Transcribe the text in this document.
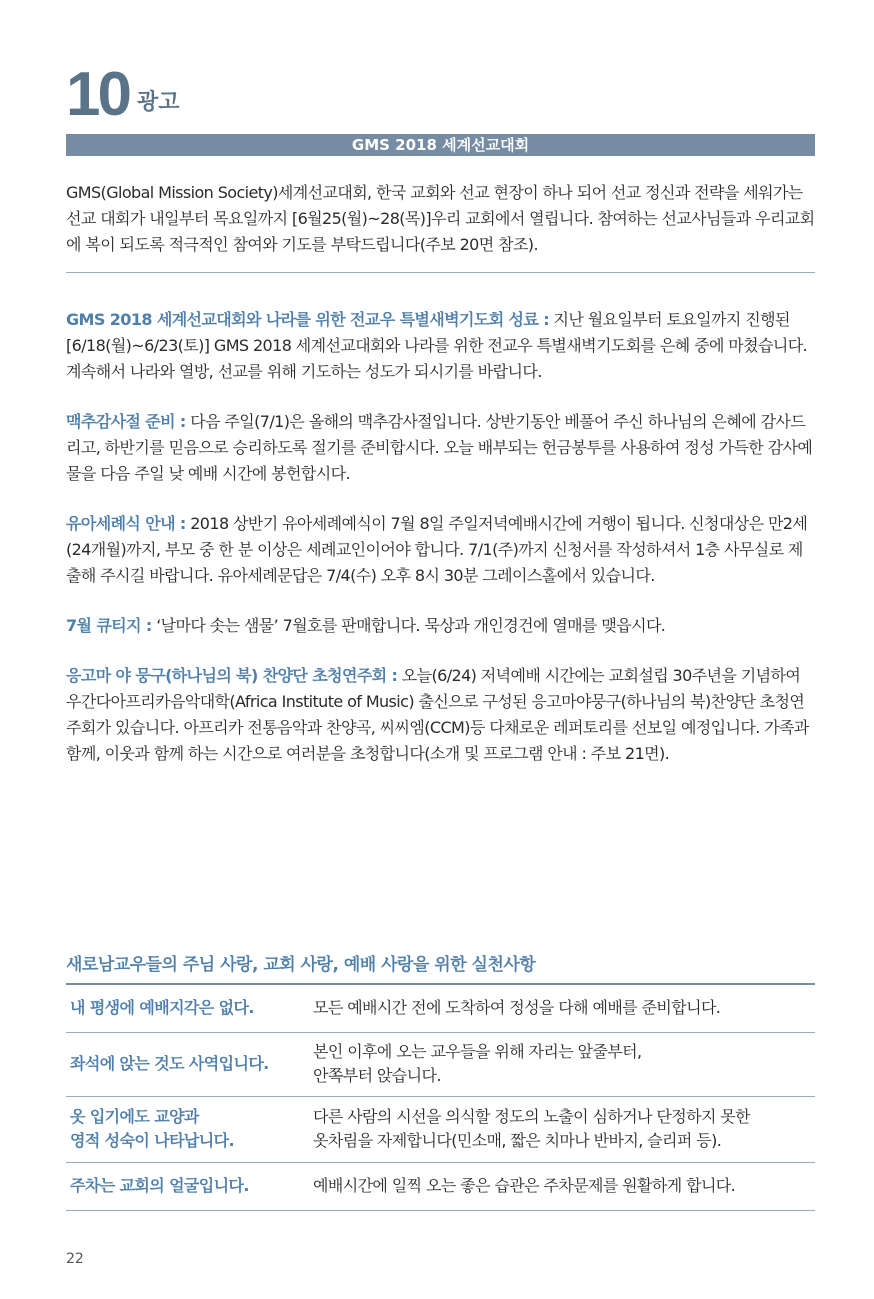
10 광고
GMS 2018 세계선교대회

GMS(Global Mission Society)세계선교대회, 한국 교회와 선교 현장이 하나 되어 선교 정신과 전략을 세워가는 선교 대회가 내일부터 목요일까지 [6월25(월)~28(목)]우리 교회에서 열립니다. 참여하는 선교사님들과 우리교회에 복이 되도록 적극적인 참여와 기도를 부탁드립니다(주보 20면 참조).

GMS 2018 세계선교대회와 나라를 위한 전교우 특별새벽기도회 성료 : 지난 월요일부터 토요일까지 진행된 [6/18(월)~6/23(토)] GMS 2018 세계선교대회와 나라를 위한 전교우 특별새벽기도회를 은혜 중에 마쳤습니다. 계속해서 나라와 열방, 선교를 위해 기도하는 성도가 되시기를 바랍니다.

맥추감사절 준비 : 다음 주일(7/1)은 올해의 맥추감사절입니다. 상반기동안 베풀어 주신 하나님의 은혜에 감사드리고, 하반기를 믿음으로 승리하도록 절기를 준비합시다. 오늘 배부되는 헌금봉투를 사용하여 정성 가득한 감사예물을 다음 주일 낮 예배 시간에 봉헌합시다.

유아세례식 안내 : 2018 상반기 유아세례예식이 7월 8일 주일저녁예배시간에 거행이 됩니다. 신청대상은 만2세(24개월)까지, 부모 중 한 분 이상은 세례교인이어야 합니다. 7/1(주)까지 신청서를 작성하셔서 1층 사무실로 제출해 주시길 바랍니다. 유아세례문답은 7/4(수) 오후 8시 30분 그레이스홀에서 있습니다.

7월 큐티지 : ‘날마다 솟는 샘물’ 7월호를 판매합니다. 묵상과 개인경건에 열매를 맺읍시다.

응고마 야 뭉구(하나님의 북) 찬양단 초청연주회 : 오늘(6/24) 저녁예배 시간에는 교회설립 30주년을 기념하여 우간다아프리카음악대학(Africa Institute of Music) 출신으로 구성된 응고마야뭉구(하나님의 북)찬양단 초청연주회가 있습니다. 아프리카 전통음악과 찬양곡, 씨씨엠(CCM)등 다채로운 레퍼토리를 선보일 예정입니다. 가족과 함께, 이웃과 함께 하는 시간으로 여러분을 초청합니다(소개 및 프로그램 안내 : 주보 21면).

새로남교우들의 주님 사랑, 교회 사랑, 예배 사랑을 위한 실천사항
내 평생에 예배지각은 없다.	모든 예배시간 전에 도착하여 정성을 다해 예배를 준비합니다.
좌석에 앉는 것도 사역입니다.	본인 이후에 오는 교우들을 위해 자리는 앞줄부터,
안쪽부터 앉습니다.
옷 입기에도 교양과
영적 성숙이 나타납니다.	다른 사람의 시선을 의식할 정도의 노출이 심하거나 단정하지 못한
옷차림을 자제합니다(민소매, 짧은 치마나 반바지, 슬리퍼 등).
주차는 교회의 얼굴입니다.	예배시간에 일찍 오는 좋은 습관은 주차문제를 원활하게 합니다.
22
